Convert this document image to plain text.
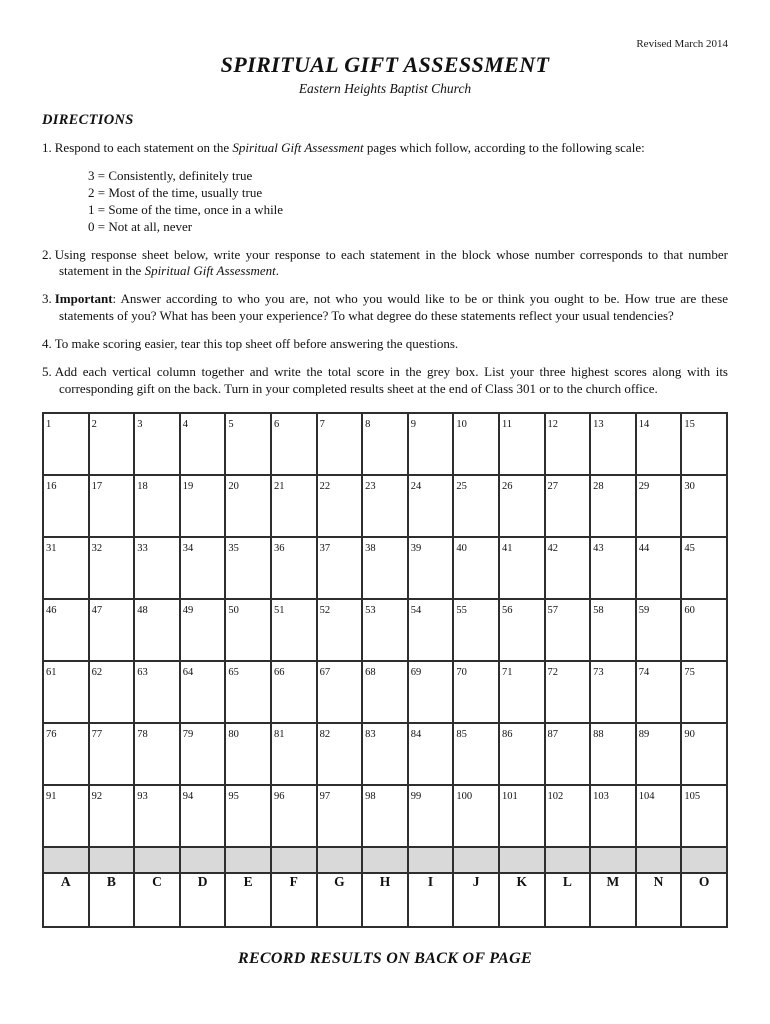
Revised March 2014
SPIRITUAL GIFT ASSESSMENT
Eastern Heights Baptist Church
DIRECTIONS
1. Respond to each statement on the Spiritual Gift Assessment pages which follow, according to the following scale:
3 = Consistently, definitely true
2 = Most of the time, usually true
1 = Some of the time, once in a while
0 = Not at all, never
2. Using response sheet below, write your response to each statement in the block whose number corresponds to that number statement in the Spiritual Gift Assessment.
3. Important: Answer according to who you are, not who you would like to be or think you ought to be. How true are these statements of you? What has been your experience? To what degree do these statements reflect your usual tendencies?
4. To make scoring easier, tear this top sheet off before answering the questions.
5. Add each vertical column together and write the total score in the grey box. List your three highest scores along with its corresponding gift on the back. Turn in your completed results sheet at the end of Class 301 or to the church office.
1	2	3	4	5	6	7	8	9	10	11	12	13	14	15
16	17	18	19	20	21	22	23	24	25	26	27	28	29	30
31	32	33	34	35	36	37	38	39	40	41	42	43	44	45
46	47	48	49	50	51	52	53	54	55	56	57	58	59	60
61	62	63	64	65	66	67	68	69	70	71	72	73	74	75
76	77	78	79	80	81	82	83	84	85	86	87	88	89	90
91	92	93	94	95	96	97	98	99	100	101	102	103	104	105

A	B	C	D	E	F	G	H	I	J	K	L	M	N	O
RECORD RESULTS ON BACK OF PAGE
